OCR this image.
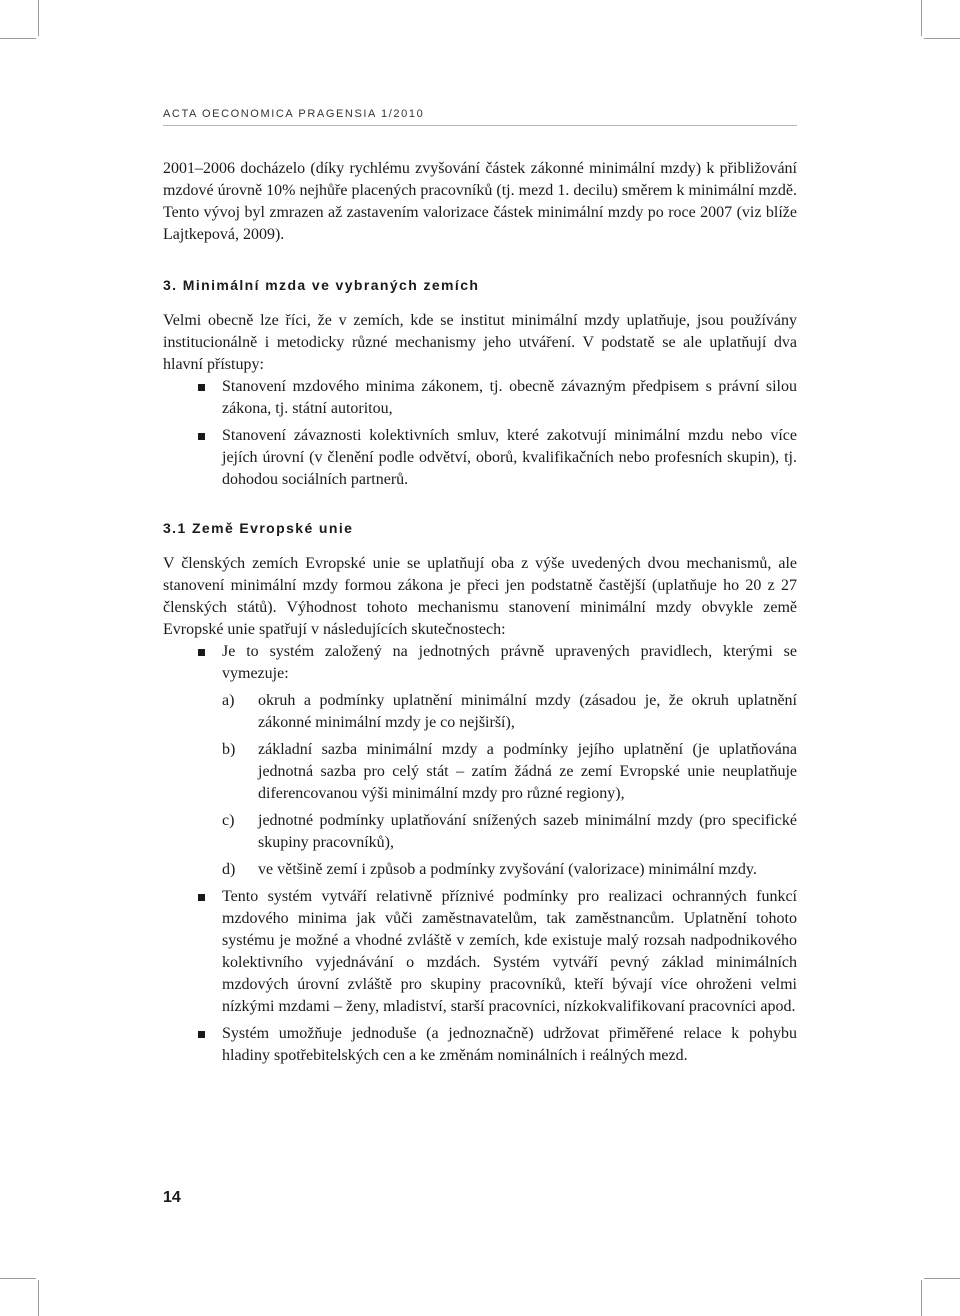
ACTA OECONOMICA PRAGENSIA 1/2010

2001–2006 docházelo (díky rychlému zvyšování částek zákonné minimální mzdy) k přibližování mzdové úrovně 10% nejhůře placených pracovníků (tj. mezd 1. decilu) směrem k minimální mzdě. Tento vývoj byl zmrazen až zastavením valorizace částek minimální mzdy po roce 2007 (viz blíže Lajtkepová, 2009).

3. Minimální mzda ve vybraných zemích

Velmi obecně lze říci, že v zemích, kde se institut minimální mzdy uplatňuje, jsou používány institucionálně i metodicky různé mechanismy jeho utváření. V podstatě se ale uplatňují dva hlavní přístupy:

Stanovení mzdového minima zákonem, tj. obecně závazným předpisem s právní silou zákona, tj. státní autoritou,
Stanovení závaznosti kolektivních smluv, které zakotvují minimální mzdu nebo více jejích úrovní (v členění podle odvětví, oborů, kvalifikačních nebo profesních skupin), tj. dohodou sociálních partnerů.
3.1 Země Evropské unie

V členských zemích Evropské unie se uplatňují oba z výše uvedených dvou mechanismů, ale stanovení minimální mzdy formou zákona je přeci jen podstatně častější (uplatňuje ho 20 z 27 členských států). Výhodnost tohoto mechanismu stanovení minimální mzdy obvykle země Evropské unie spatřují v následujících skutečnostech:

Je to systém založený na jednotných právně upravených pravidlech, kterými se vymezuje:
a) okruh a podmínky uplatnění minimální mzdy (zásadou je, že okruh uplatnění zákonné minimální mzdy je co nejširší),
b) základní sazba minimální mzdy a podmínky jejího uplatnění (je uplatňována jednotná sazba pro celý stát – zatím žádná ze zemí Evropské unie neuplatňuje diferencovanou výši minimální mzdy pro různé regiony),
c) jednotné podmínky uplatňování snížených sazeb minimální mzdy (pro specifické skupiny pracovníků),
d) ve většině zemí i způsob a podmínky zvyšování (valorizace) minimální mzdy.
Tento systém vytváří relativně příznivé podmínky pro realizaci ochranných funkcí mzdového minima jak vůči zaměstnavatelům, tak zaměstnancům. Uplatnění tohoto systému je možné a vhodné zvláště v zemích, kde existuje malý rozsah nadpodnikového kolektivního vyjednávání o mzdách. Systém vytváří pevný základ minimálních mzdových úrovní zvláště pro skupiny pracovníků, kteří bývají více ohroženi velmi nízkými mzdami – ženy, mladiství, starší pracovníci, nízkokvalifikovaní pracovníci apod.
Systém umožňuje jednoduše (a jednoznačně) udržovat přiměřené relace k pohybu hladiny spotřebitelských cen a ke změnám nominálních i reálných mezd.
14
